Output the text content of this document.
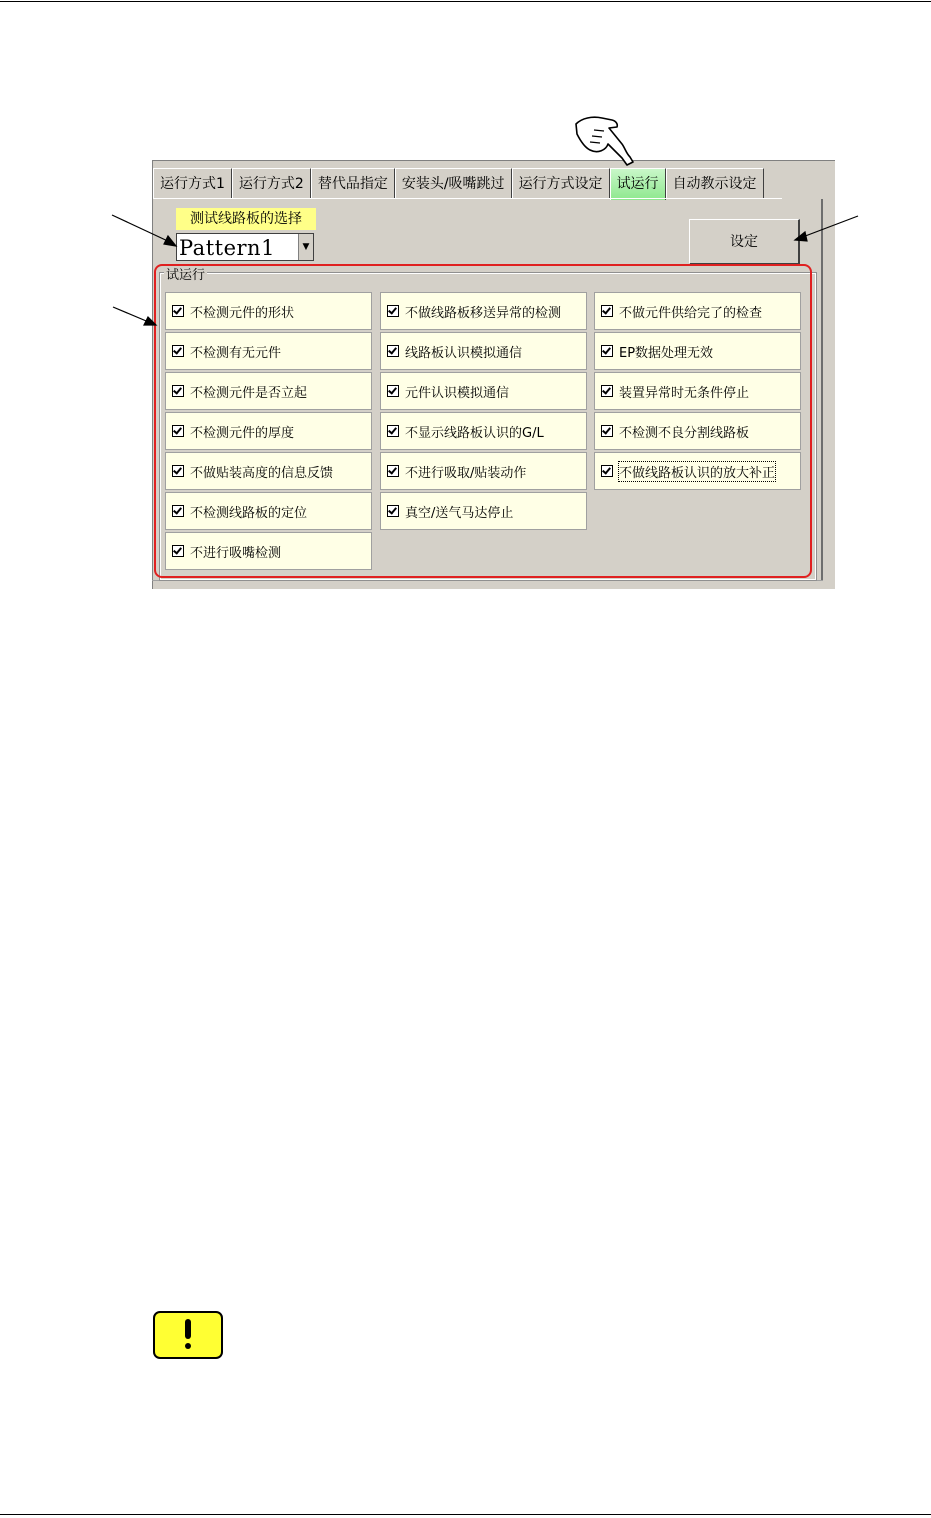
运行方式1	运行方式2	替代品指定	安装头/吸嘴跳过	运行方式设定	试运行	自动教示设定
测试线路板的选择
Pattern1	▼	设定
试运行
不检测元件的形状
不检测有无元件
不检测元件是否立起
不检测元件的厚度
不做贴装高度的信息反馈
不检测线路板的定位
不进行吸嘴检测
不做线路板移送异常的检测
线路板认识模拟通信
元件认识模拟通信
不显示线路板认识的G/L
不进行吸取/贴装动作
真空/送气马达停止
不做元件供给完了的检查
EP数据处理无效
装置异常时无条件停止
不检测不良分割线路板
不做线路板认识的放大补正
